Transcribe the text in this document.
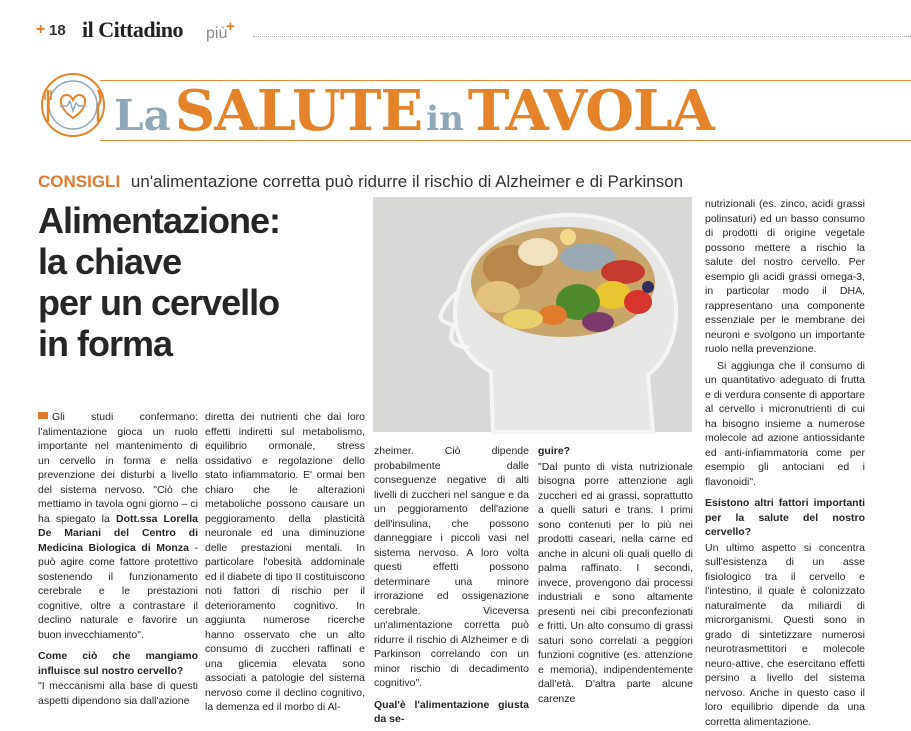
+ 18 il Cittadino più
+
La SALUTE in TAVOLA
CONSIGLI un'alimentazione corretta può ridurre il rischio di Alzheimer e di Parkinson
Alimentazione:
la chiave
per un cervello
in forma

Gli studi confermano: l'alimentazione gioca un ruolo importante nel mantenimento di un cervello in forma e nella prevenzione dei disturbi a livello del sistema nervoso. "Ciò che mettiamo in tavola ogni giorno – ci ha spiegato la Dott.ssa Lorella De Mariani del Centro di Medicina Biologica di Monza - può agire come fattore protettivo sostenendo il funzionamento cerebrale e le prestazioni cognitive, oltre a contrastare il declino naturale e favorire un buon invecchiamento".

Come ciò che mangiamo influisce sul nostro cervello?

"I meccanismi alla base di questi aspetti dipendono sia dall'azione

diretta dei nutrienti che dai loro effetti indiretti sul metabolismo, equilibrio ormonale, stress ossidativo e regolazione dello stato infiammatorio. E' ormai ben chiaro che le alterazioni metaboliche possono causare un peggioramento della plasticità neuronale ed una diminuzione delle prestazioni mentali. In particolare l'obesità addominale ed il diabete di tipo II costituiscono noti fattori di rischio per il deterioramento cognitivo. In aggiunta numerose ricerche hanno osservato che un alto consumo di zuccheri raffinati e una glicemia elevata sono associati a patologie del sistema nervoso come il declino cognitivo, la demenza ed il morbo di Al-

zheimer. Ciò dipende probabilmente dalle conseguenze negative di alti livelli di zuccheri nel sangue e da un peggioramento dell'azione dell'insulina, che possono danneggiare i piccoli vasi nel sistema nervoso. A loro volta questi effetti possono determinare una minore irrorazione ed ossigenazione cerebrale. Viceversa un'alimentazione corretta può ridurre il rischio di Alzheimer e di Parkinson correlando con un minor rischio di decadimento cognitivo".

Qual'è l'alimentazione giusta da se-

guire?

"Dal punto di vista nutrizionale bisogna porre attenzione agli zuccheri ed ai grassi, soprattutto a quelli saturi e trans. I primi sono contenuti per lo più nei prodotti caseari, nella carne ed anche in alcuni oli quali quello di palma raffinato. I secondi, invece, provengono dai processi industriali e sono altamente presenti nei cibi preconfezionati e fritti. Un alto consumo di grassi saturi sono correlati a peggiori funzioni cognitive (es. attenzione e memoria), indipendentemente dall'età. D'altra parte alcune carenze

nutrizionali (es. zinco, acidi grassi polinsaturi) ed un basso consumo di prodotti di origine vegetale possono mettere a rischio la salute del nostro cervello. Per esempio gli acidi grassi omega-3, in particolar modo il DHA, rappresentano una componente essenziale per le membrane dei neuroni e svolgono un importante ruolo nella prevenzione.

Si aggiunga che il consumo di un quantitativo adeguato di frutta e di verdura consente di apportare al cervello i micronutrienti di cui ha bisogno insieme a numerose molecole ad azione antiossidante ed anti-infiammatoria come per esempio gli antociani ed i flavonoidi".

Esistono altri fattori importanti per la salute del nostro cervello?

Un ultimo aspetto si concentra sull'esistenza di un asse fisiologico tra il cervello e l'intestino, il quale è colonizzato naturalmente da miliardi di microrganismi. Questi sono in grado di sintetizzare numerosi neurotrasmettitori e molecole neuro-attive, che esercitano effetti persino a livello del sistema nervoso. Anche in questo caso il loro equilibrio dipende da una corretta alimentazione.
